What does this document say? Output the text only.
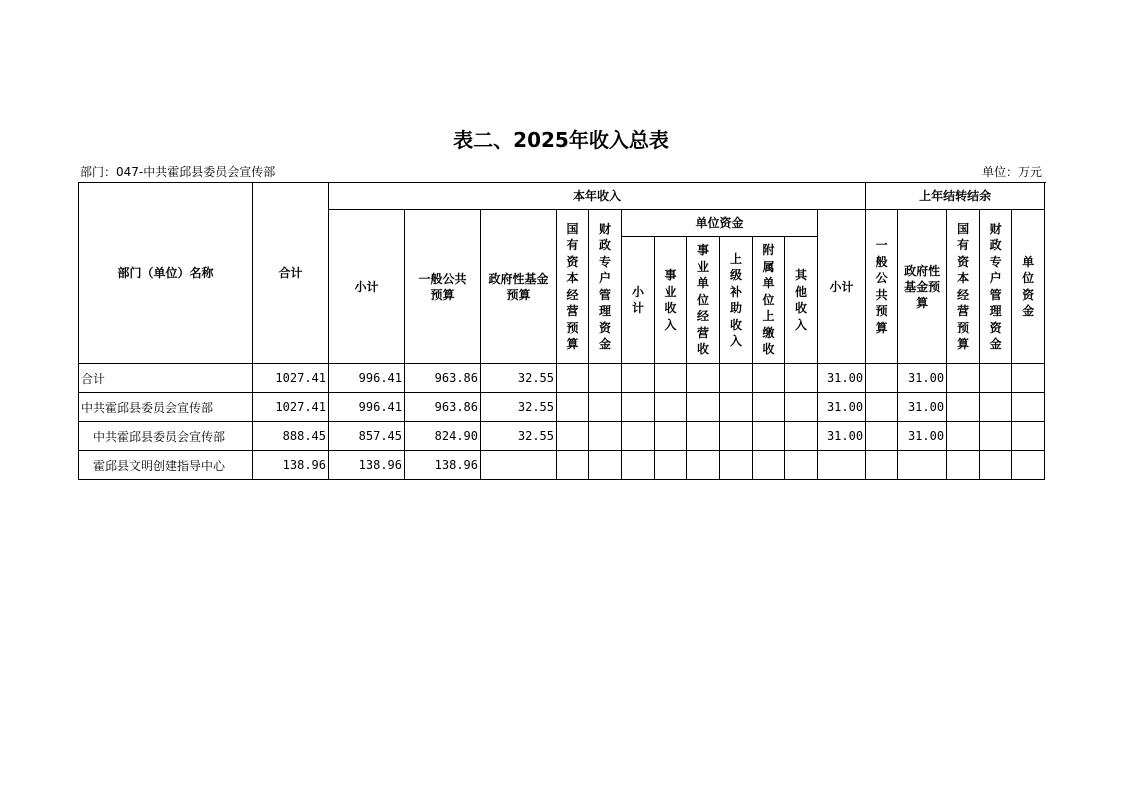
表二、2025年收入总表
部门：047-中共霍邱县委员会宣传部	单位：万元
部门（单位）名称	合计	本年收入												上年结转结余				
		小计	一般公共预算	政府性基金预算	国有资本经营预算	财政专户管理资金	单位资金						小计	一般公共预算	政府性基金预算	国有资本经营预算	财政专户管理资金	单位资金
							小计	事业收入	事业单位经营收	上级补助收入	附属单位上缴收	其他收入						
合计	1027.41	996.41	963.86	32.55									31.00		31.00			
中共霍邱县委员会宣传部	1027.41	996.41	963.86	32.55									31.00		31.00			
中共霍邱县委员会宣传部	888.45	857.45	824.90	32.55									31.00		31.00			
霍邱县文明创建指导中心	138.96	138.96	138.96															
